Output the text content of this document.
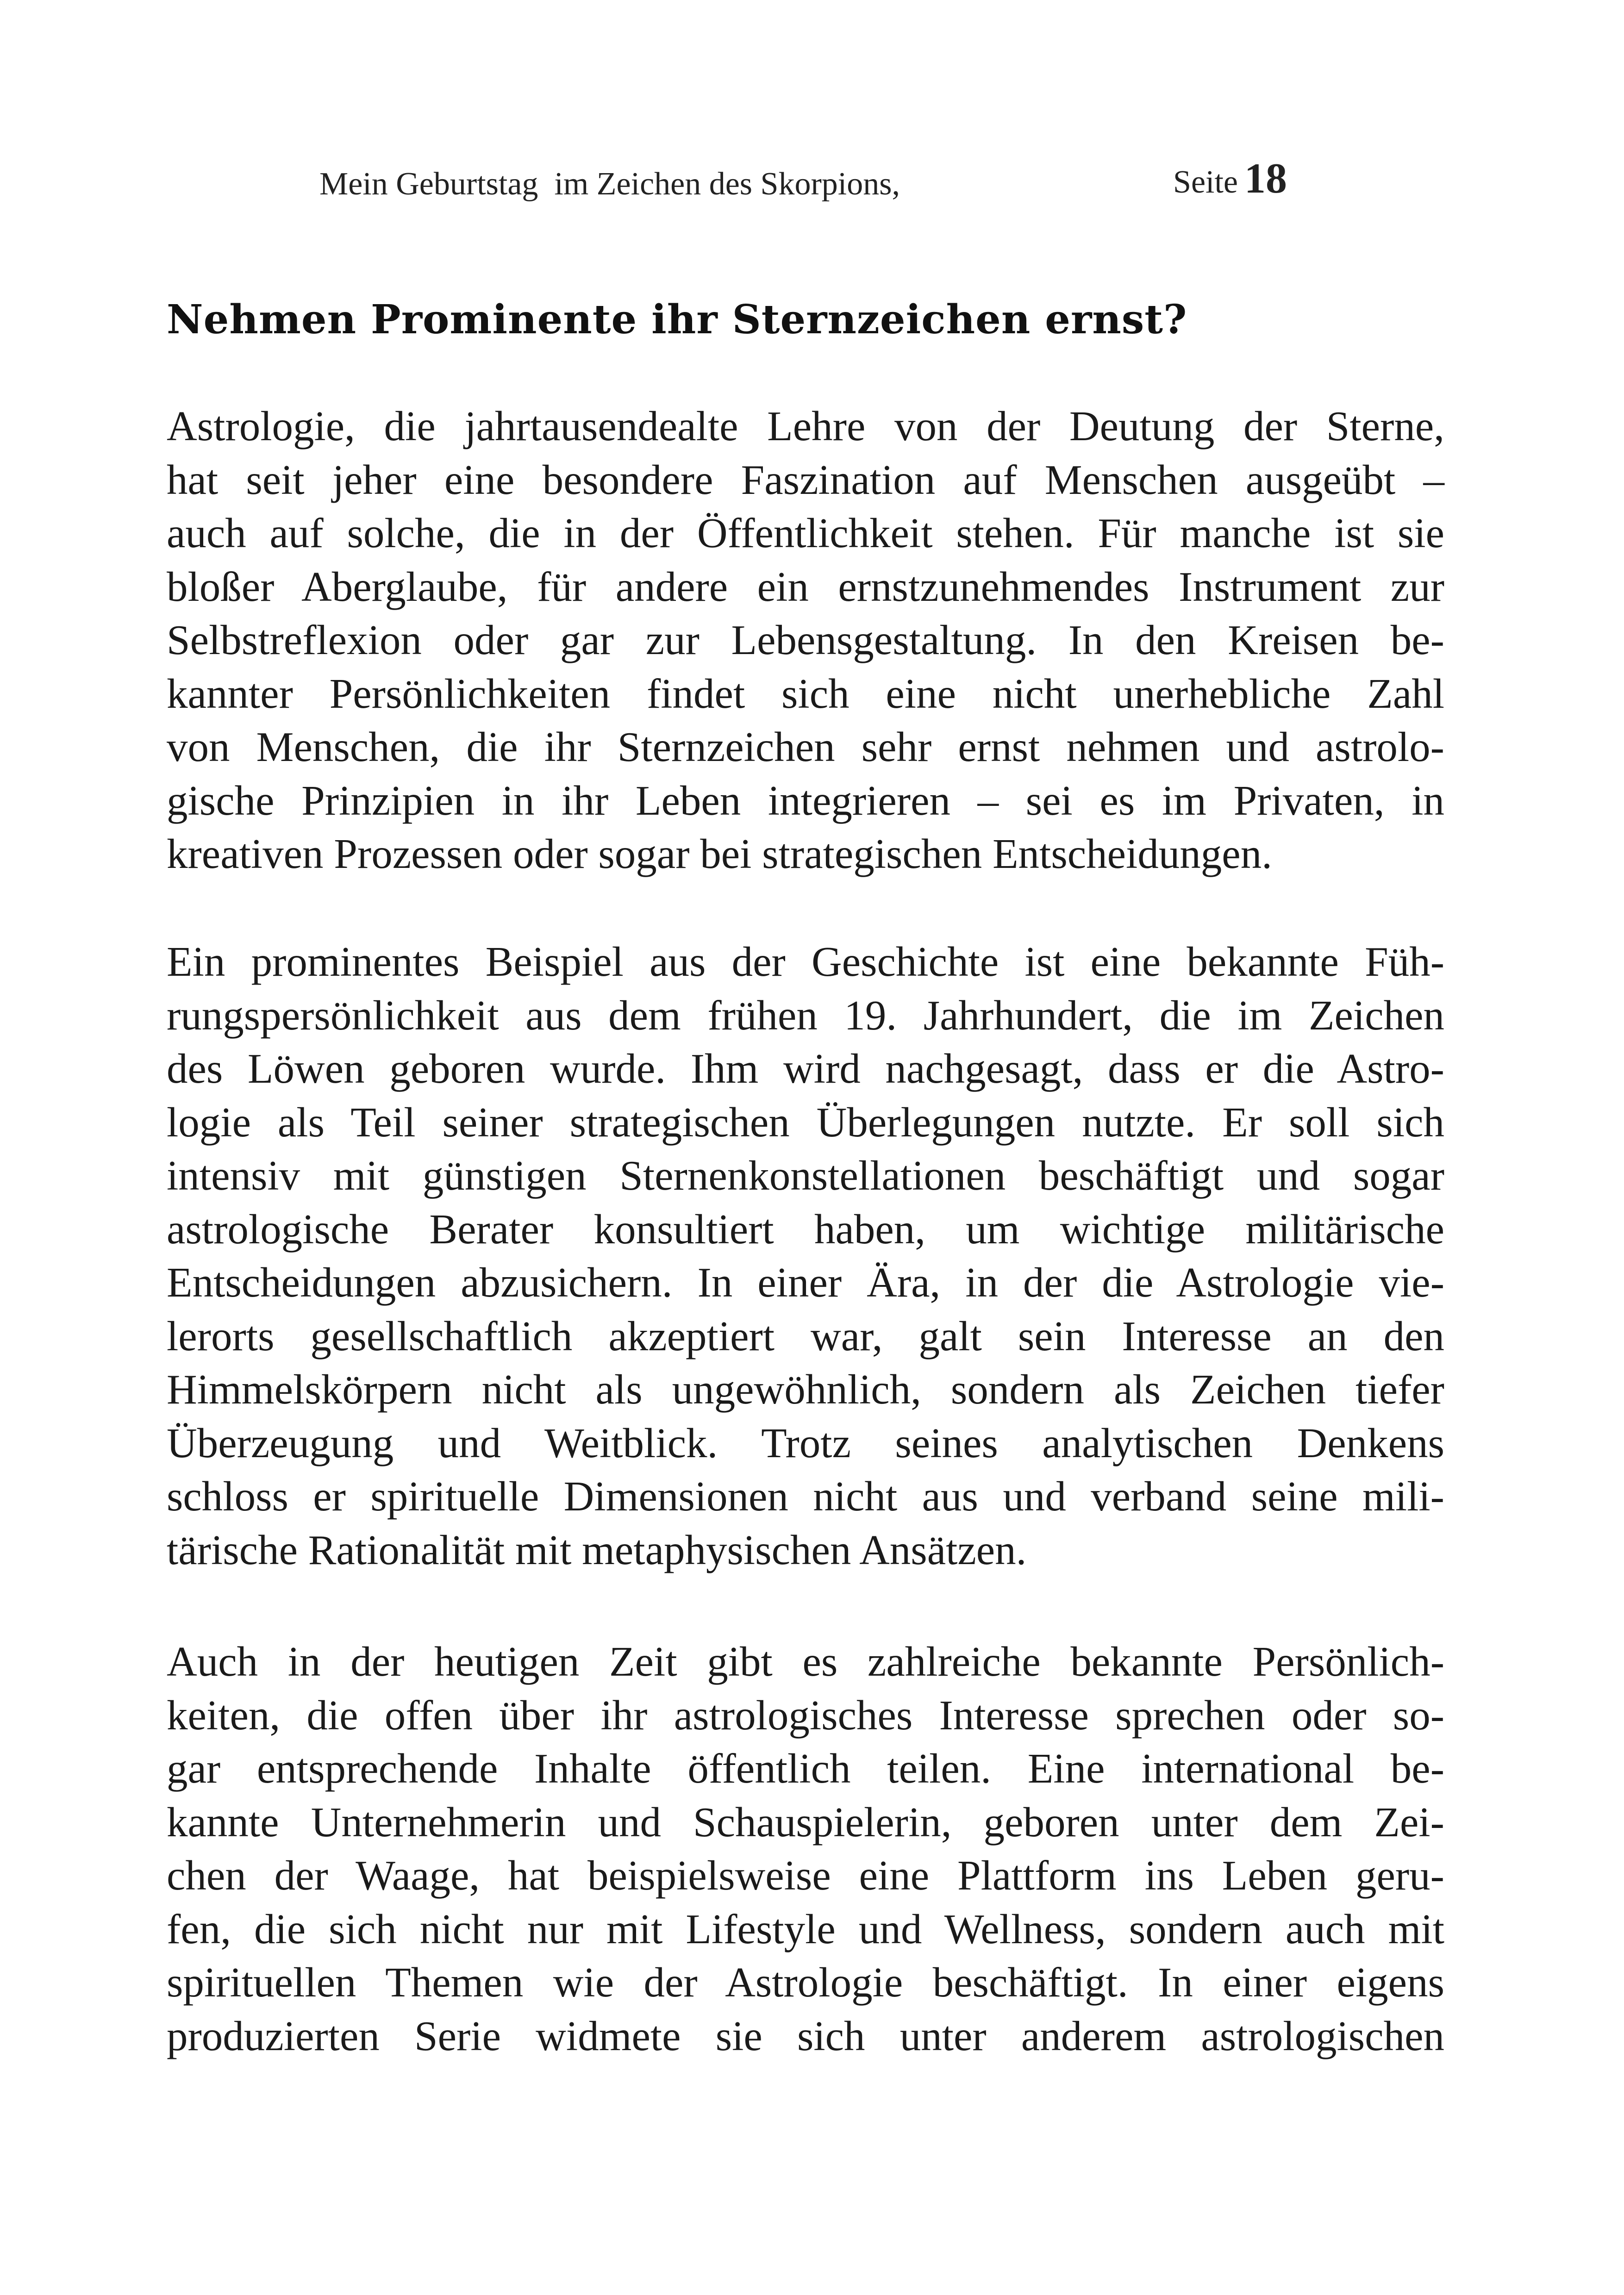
Mein Geburtstag  im Zeichen des Skorpions,	Seite 18
Nehmen Prominente ihr Sternzeichen ernst?
Astrologie, die jahrtausendealte Lehre von der Deutung der Sterne,
hat seit jeher eine besondere Faszination auf Menschen ausgeübt –
auch auf solche, die in der Öffentlichkeit stehen. Für manche ist sie
bloßer Aberglaube, für andere ein ernstzunehmendes Instrument zur
Selbstreflexion oder gar zur Lebensgestaltung. In den Kreisen be-
kannter Persönlichkeiten findet sich eine nicht unerhebliche Zahl
von Menschen, die ihr Sternzeichen sehr ernst nehmen und astrolo-
gische Prinzipien in ihr Leben integrieren – sei es im Privaten, in
kreativen Prozessen oder sogar bei strategischen Entscheidungen.
Ein prominentes Beispiel aus der Geschichte ist eine bekannte Füh-
rungspersönlichkeit aus dem frühen 19. Jahrhundert, die im Zeichen
des Löwen geboren wurde. Ihm wird nachgesagt, dass er die Astro-
logie als Teil seiner strategischen Überlegungen nutzte. Er soll sich
intensiv mit günstigen Sternenkonstellationen beschäftigt und sogar
astrologische Berater konsultiert haben, um wichtige militärische
Entscheidungen abzusichern. In einer Ära, in der die Astrologie vie-
lerorts gesellschaftlich akzeptiert war, galt sein Interesse an den
Himmelskörpern nicht als ungewöhnlich, sondern als Zeichen tiefer
Überzeugung und Weitblick. Trotz seines analytischen Denkens
schloss er spirituelle Dimensionen nicht aus und verband seine mili-
tärische Rationalität mit metaphysischen Ansätzen.
Auch in der heutigen Zeit gibt es zahlreiche bekannte Persönlich-
keiten, die offen über ihr astrologisches Interesse sprechen oder so-
gar entsprechende Inhalte öffentlich teilen. Eine international be-
kannte Unternehmerin und Schauspielerin, geboren unter dem Zei-
chen der Waage, hat beispielsweise eine Plattform ins Leben geru-
fen, die sich nicht nur mit Lifestyle und Wellness, sondern auch mit
spirituellen Themen wie der Astrologie beschäftigt. In einer eigens
produzierten Serie widmete sie sich unter anderem astrologischen
